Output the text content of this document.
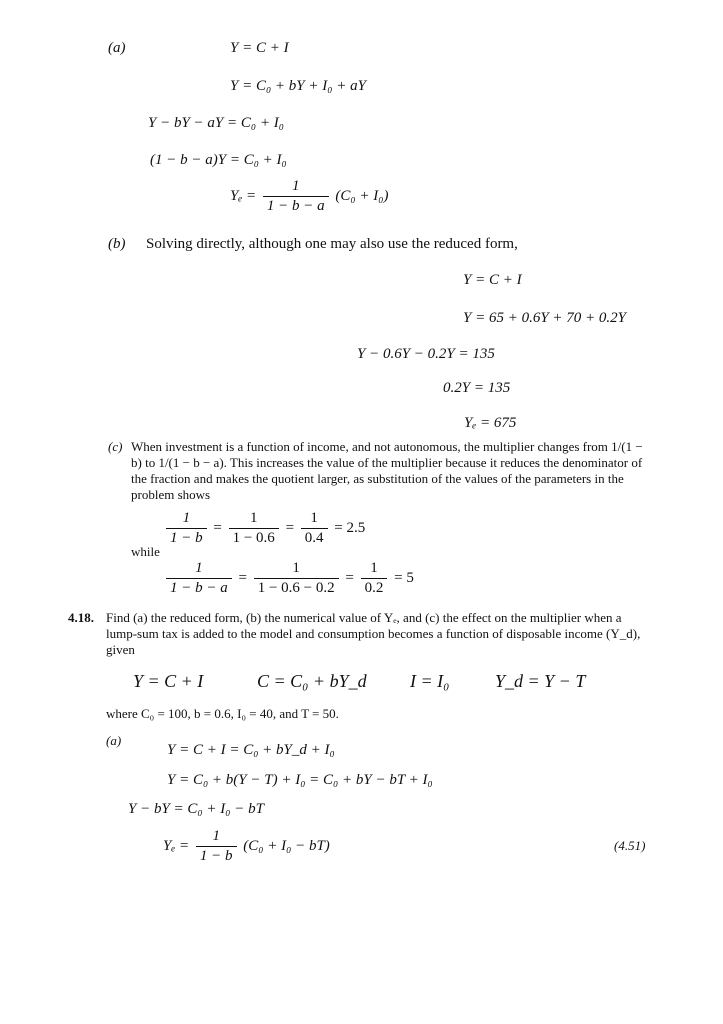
(a)	Y = C + I
Y = C₀ + bY + I₀ + aY
Y − bY − aY = C₀ + I₀
(1 − b − a)Y = C₀ + I₀
$Y_e = \frac{1}{1 - b - a} (C_0 + I_0)$
(b) Solving directly, although one may also use the reduced form,
Y = C + I
Y = 65 + 0.6Y + 70 + 0.2Y
Y − 0.6Y − 0.2Y = 135
0.2Y = 135
Yₑ = 675
(c) When investment is a function of income, and not autonomous, the multiplier changes from 1/(1 − b) to 1/(1 − b − a). This increases the value of the multiplier because it reduces the denominator of the fraction and makes the quotient larger, as substitution of the values of the parameters in the problem shows
$\frac{1}{1 - b} = \frac{1}{1 - 0.6} = \frac{1}{0.4} = 2.5$
while
$\frac{1}{1 - b - a} = \frac{1}{1 - 0.6 - 0.2} = \frac{1}{0.2} = 5$
4.18. Find (a) the reduced form, (b) the numerical value of Yₑ, and (c) the effect on the multiplier when a lump-sum tax is added to the model and consumption becomes a function of disposable income (Y_d), given
Y = C + I	C = C₀ + bY_d I = I₀	Y_d = Y − T
where C₀ = 100, b = 0.6, I₀ = 40, and T = 50.
(a)
Y = C + I = C₀ + bY_d + I₀
Y = C₀ + b(Y − T) + I₀ = C₀ + bY − bT + I₀
Y − bY = C₀ + I₀ − bT
$Y_e = \frac{1}{1 - b} (C_0 + I_0 - bT)$	(4.51)
